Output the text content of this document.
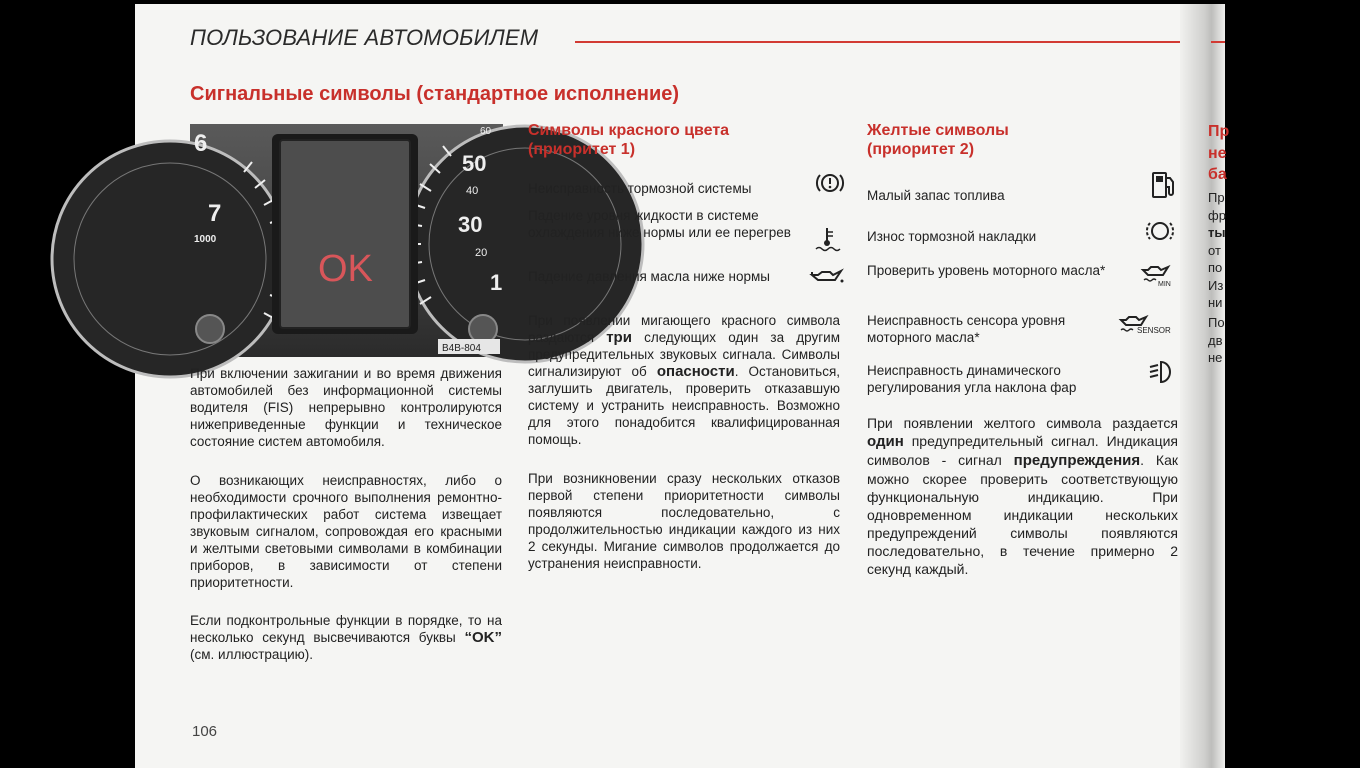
ПОЛЬЗОВАНИЕ АВТОМОБИЛЕМ
Сигнальные символы (стандартное исполнение)
6
7
1000
60
50
40
30
20
1
OK
B4B-804

При включении зажигании и во время движения автомобилей без информационной системы водителя (FIS) непрерывно контролируются нижеприведенные функции и техническое состояние систем автомобиля.

О возникающих неисправностях, либо о необходимости срочного выполнения ремонтно-профилактических работ система извещает звуковым сигналом, сопровождая его красными и желтыми световыми символами в комбинации приборов, в зависимости от степени приоритетности.

Если подконтрольные функции в порядке, то на несколько секунд высвечиваются буквы “OK” (см. иллюстрацию).

Символы красного цвета
(приоритет 1)
Неисправность тормозной системы
Падение уровня жидкости в системе охлаждения ниже нормы или ее перегрев
Падение давления масла ниже нормы

При появлении мигающего красного символа раздаются три следующих один за другим предупредительных звуковых сигнала. Символы сигнализируют об опасности. Остановиться, заглушить двигатель, проверить отказавшую систему и устранить неисправность. Возможно для этого понадобится квалифицированная помощь.

При возникновении сразу нескольких отказов первой степени приоритетности символы появляются последовательно, с продолжительностью индикации каждого из них 2 секунды. Мигание символов продолжается до устранения неисправности.

Желтые символы
(приоритет 2)
Малый запас топлива
Износ тормозной накладки
Проверить уровень моторного масла*
MIN
Неисправность сенсора уровня моторного масла*	SENSOR
Неисправность динамического регулирования угла наклона фар

При появлении желтого символа раздается один предупредительный сигнал. Индикация символов - сигнал предупреждения. Как можно скорее проверить соответствующую функциональную индикацию. При одновременном индикации нескольких предупреждений символы появляются последовательно, в течение примерно 2 секунд каждый.

106
Пр
не
ба
Пр
фр
ты
от
по
Из
ни
По
дв
не
